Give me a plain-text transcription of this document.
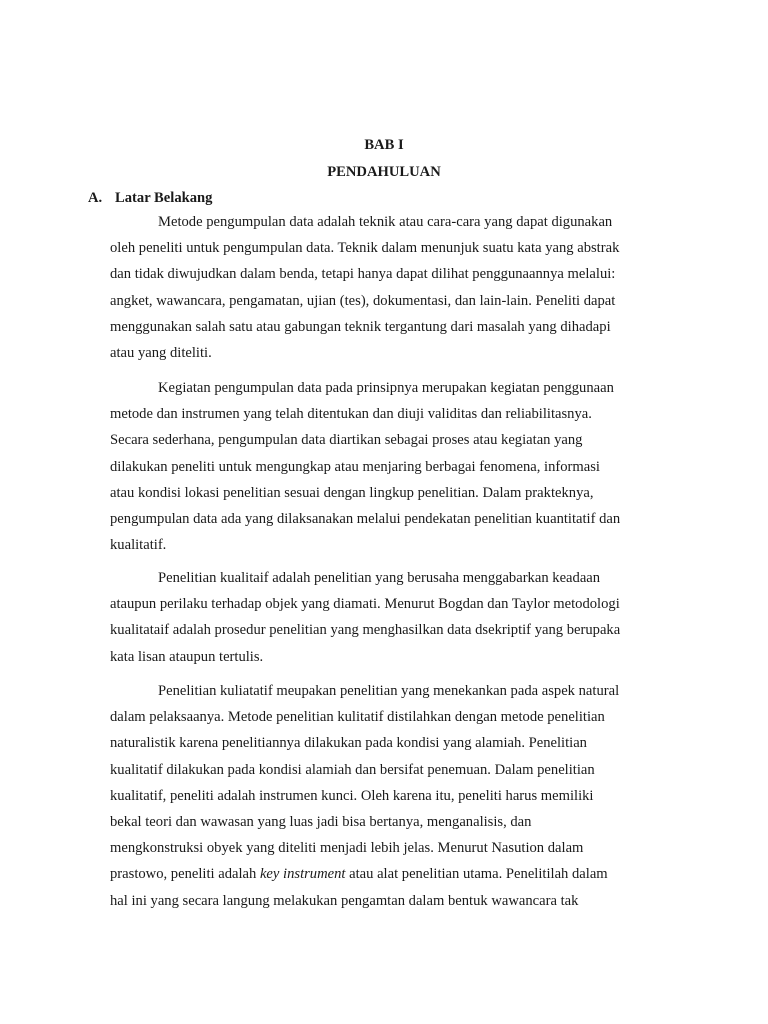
BAB I
PENDAHULUAN
A. Latar Belakang
Metode pengumpulan data adalah teknik atau cara-cara yang dapat digunakan
oleh peneliti untuk pengumpulan data. Teknik dalam menunjuk suatu kata yang abstrak
dan tidak diwujudkan dalam benda, tetapi hanya dapat dilihat penggunaannya melalui:
angket, wawancara, pengamatan, ujian (tes), dokumentasi, dan lain-lain. Peneliti dapat
menggunakan salah satu atau gabungan teknik tergantung dari masalah yang dihadapi
atau yang diteliti.
Kegiatan pengumpulan data pada prinsipnya merupakan kegiatan penggunaan
metode dan instrumen yang telah ditentukan dan diuji validitas dan reliabilitasnya.
Secara sederhana, pengumpulan data diartikan sebagai proses atau kegiatan yang
dilakukan peneliti untuk mengungkap atau menjaring berbagai fenomena, informasi
atau kondisi lokasi penelitian sesuai dengan lingkup penelitian. Dalam prakteknya,
pengumpulan data ada yang dilaksanakan melalui pendekatan penelitian kuantitatif dan
kualitatif.
Penelitian kualitaif adalah penelitian yang berusaha menggabarkan keadaan
ataupun perilaku terhadap objek yang diamati. Menurut Bogdan dan Taylor metodologi
kualitataif adalah prosedur penelitian yang menghasilkan data dsekriptif yang berupaka
kata lisan ataupun tertulis.
Penelitian kuliatatif meupakan penelitian yang menekankan pada aspek natural
dalam pelaksaanya. Metode penelitian kulitatif distilahkan dengan metode penelitian
naturalistik karena penelitiannya dilakukan pada kondisi yang alamiah. Penelitian
kualitatif dilakukan pada kondisi alamiah dan bersifat penemuan. Dalam penelitian
kualitatif, peneliti adalah instrumen kunci. Oleh karena itu, peneliti harus memiliki
bekal teori dan wawasan yang luas jadi bisa bertanya, menganalisis, dan
mengkonstruksi obyek yang diteliti menjadi lebih jelas. Menurut Nasution dalam
prastowo, peneliti adalah key instrument atau alat penelitian utama. Penelitilah dalam
hal ini yang secara langung melakukan pengamtan dalam bentuk wawancara tak
